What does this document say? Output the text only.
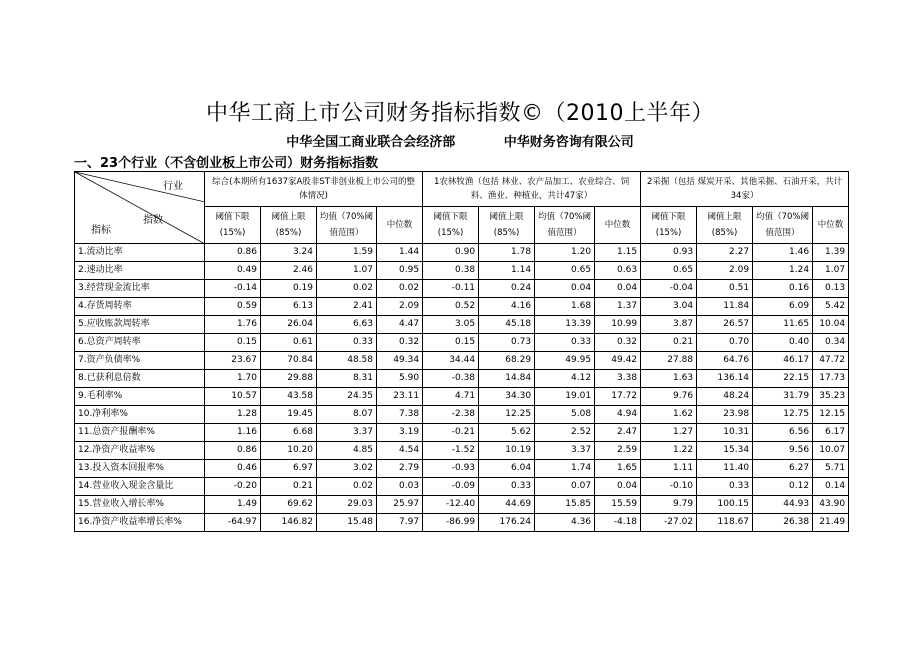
中华工商上市公司财务指标指数©（2010上半年）
中华全国工商业联合会经济部	中华财务咨询有限公司
一、23个行业（不含创业板上市公司）财务指标指数
行业
指数
指标	综合(本期所有1637家A股非ST非创业板上市公司的整体情况)				1农林牧渔（包括 林业、农产品加工、农业综合、饲料、渔业、种植业，共计47家）				2采掘（包括 煤炭开采、其他采掘、石油开采，共计34家）			
	阈值下限(15%)	阈值上限(85%)	均值（70%阈值范围）	中位数	阈值下限(15%)	阈值上限(85%)	均值（70%阈值范围）	中位数	阈值下限(15%)	阈值上限(85%)	均值（70%阈值范围）	中位数
1.流动比率	0.86	3.24	1.59	1.44	0.90	1.78	1.20	1.15	0.93	2.27	1.46	1.39
2.速动比率	0.49	2.46	1.07	0.95	0.38	1.14	0.65	0.63	0.65	2.09	1.24	1.07
3.经营现金流比率	-0.14	0.19	0.02	0.02	-0.11	0.24	0.04	0.04	-0.04	0.51	0.16	0.13
4.存货周转率	0.59	6.13	2.41	2.09	0.52	4.16	1.68	1.37	3.04	11.84	6.09	5.42
5.应收账款周转率	1.76	26.04	6.63	4.47	3.05	45.18	13.39	10.99	3.87	26.57	11.65	10.04
6.总资产周转率	0.15	0.61	0.33	0.32	0.15	0.73	0.33	0.32	0.21	0.70	0.40	0.34
7.资产负债率%	23.67	70.84	48.58	49.34	34.44	68.29	49.95	49.42	27.88	64.76	46.17	47.72
8.已获利息倍数	1.70	29.88	8.31	5.90	-0.38	14.84	4.12	3.38	1.63	136.14	22.15	17.73
9.毛利率%	10.57	43.58	24.35	23.11	4.71	34.30	19.01	17.72	9.76	48.24	31.79	35.23
10.净利率%	1.28	19.45	8.07	7.38	-2.38	12.25	5.08	4.94	1.62	23.98	12.75	12.15
11.总资产报酬率%	1.16	6.68	3.37	3.19	-0.21	5.62	2.52	2.47	1.27	10.31	6.56	6.17
12.净资产收益率%	0.86	10.20	4.85	4.54	-1.52	10.19	3.37	2.59	1.22	15.34	9.56	10.07
13.投入资本回报率%	0.46	6.97	3.02	2.79	-0.93	6.04	1.74	1.65	1.11	11.40	6.27	5.71
14.营业收入现金含量比	-0.20	0.21	0.02	0.03	-0.09	0.33	0.07	0.04	-0.10	0.33	0.12	0.14
15.营业收入增长率%	1.49	69.62	29.03	25.97	-12.40	44.69	15.85	15.59	9.79	100.15	44.93	43.90
16.净资产收益率增长率%	-64.97	146.82	15.48	7.97	-86.99	176.24	4.36	-4.18	-27.02	118.67	26.38	21.49
